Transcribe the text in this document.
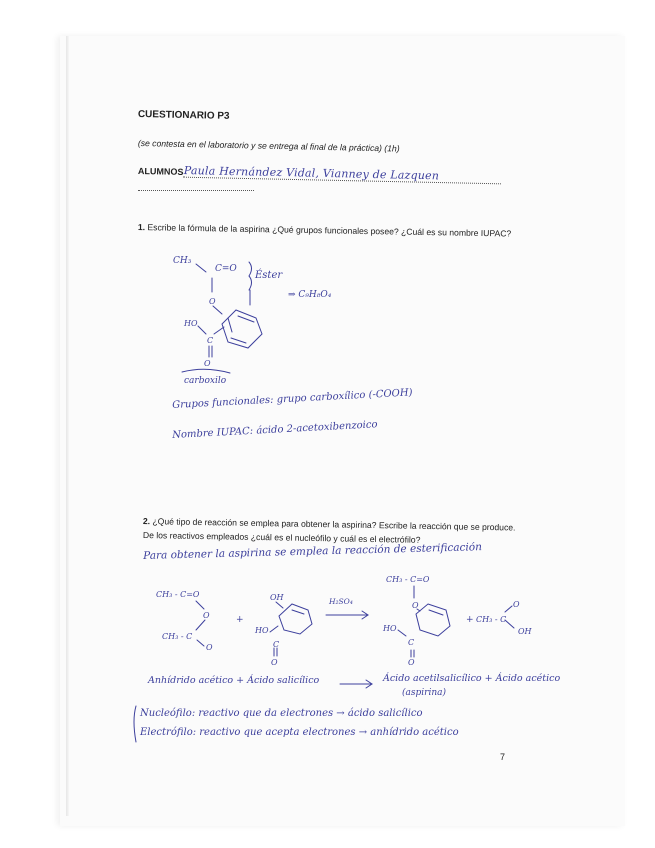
CUESTIONARIO P3
(se contesta en el laboratorio y se entrega al final de la práctica) (1h)
ALUMNOS Paula Hernández Vidal, Vianney de Lazquen
1. Escribe la fórmula de la aspirina ¿Qué grupos funcionales posee? ¿Cuál es su nombre IUPAC?
CH₃
C=O
Éster
⇒ C₉H₈O₄
O
HO
C
O
carboxilo
Grupos funcionales: grupo carboxílico (-COOH)
Nombre IUPAC: ácido 2-acetoxibenzoico
2. ¿Qué tipo de reacción se emplea para obtener la aspirina? Escribe la reacción que se produce.
De los reactivos empleados ¿cuál es el nucleófilo y cuál es el electrófilo?
Para obtener la aspirina se emplea la reacción de esterificación
CH₃ - C=O
O
CH₃ - C
O
+
OH
HO
C
O
H₂SO₄
CH₃ - C=O
O
HO
C
O
+ CH₃ - C
O
OH
Anhídrido acético + Ácido salicílico	Ácido acetilsalicílico + Ácido acético
(aspirina)
Nucleófilo: reactivo que da electrones → ácido salicílico
Electrófilo: reactivo que acepta electrones → anhídrido acético
7
